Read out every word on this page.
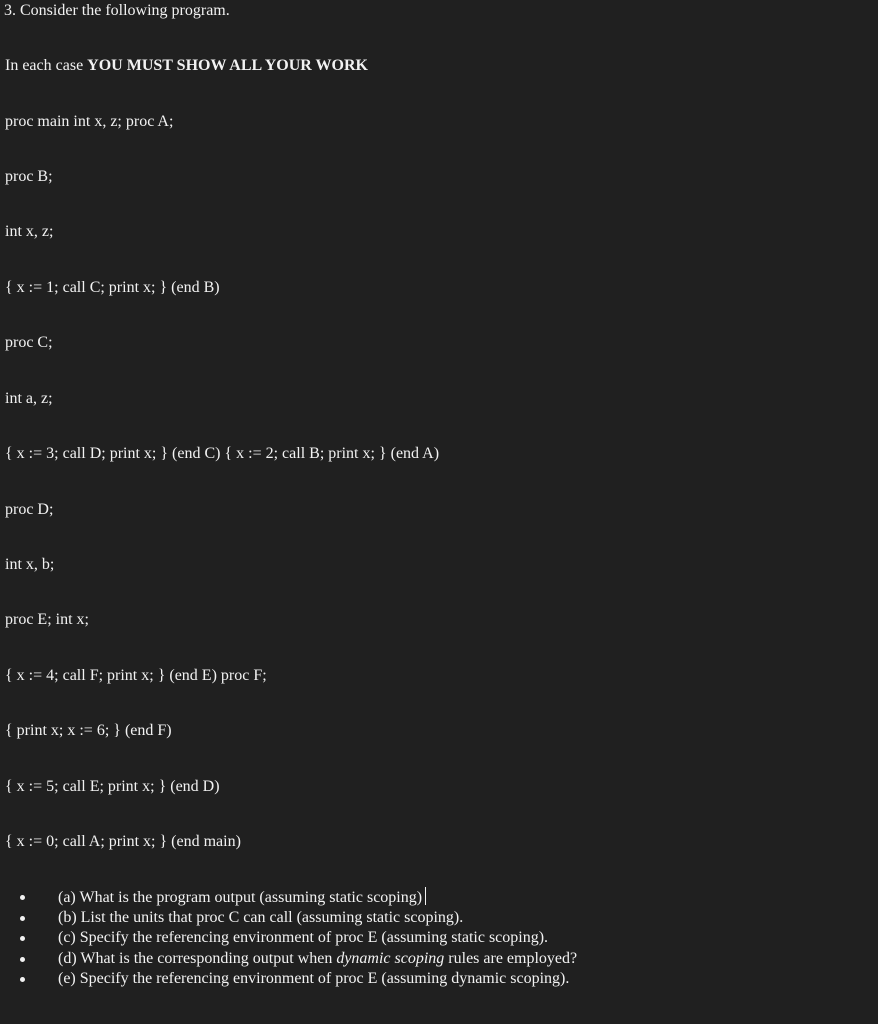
3. Consider the following program.

In each case YOU MUST SHOW ALL YOUR WORK

proc main int x, z; proc A;

proc B;

int x, z;

{ x := 1; call C; print x; } (end B)

proc C;

int a, z;

{ x := 3; call D; print x; } (end C) { x := 2; call B; print x; } (end A)

proc D;

int x, b;

proc E; int x;

{ x := 4; call F; print x; } (end E) proc F;

{ print x; x := 6; } (end F)

{ x := 5; call E; print x; } (end D)

{ x := 0; call A; print x; } (end main)

(a) What is the program output (assuming static scoping)
(b) List the units that proc C can call (assuming static scoping).
(c) Specify the referencing environment of proc E (assuming static scoping).
(d) What is the corresponding output when dynamic scoping rules are employed?
(e) Specify the referencing environment of proc E (assuming dynamic scoping).
